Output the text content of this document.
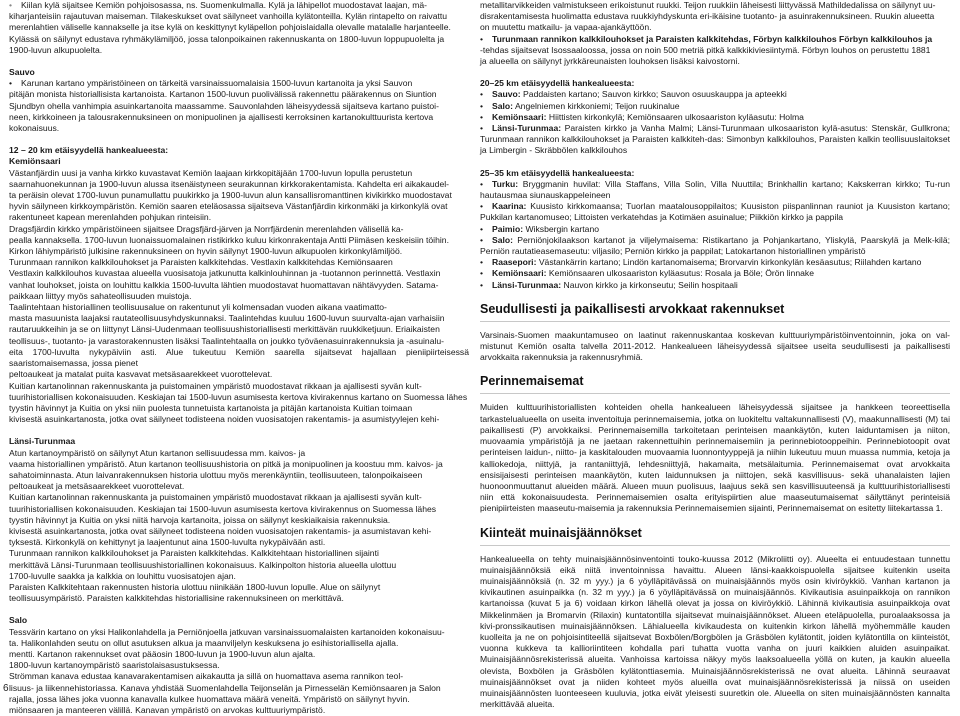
• Kiilan kylä sijaitsee Kemiön pohjoisosassa, ns. Suomenkulmalla. Kylä ja lähipellot muodostavat laajan, mä-
kiharjanteisiin rajautuvan maiseman. Tilakeskukset ovat säilyneet vanhoilla kylätonteilla. Kylän rintapelto on raivattu
merenlahtien väliselle kannakselle ja itse kylä on keskittynyt kyläpellon pohjoislaidalla olevalle matalalle harjanteelle.
Kylässä on säilynyt edustava ryhmäkylämiljöö, jossa talonpoikainen rakennuskanta on 1800-luvun loppupuolelta ja
1900-luvun alkupuolelta.

Sauvo

• Karunan kartano ympäristöineen on tärkeitä varsinaissuomalaisia 1500-luvun kartanoita ja yksi Sauvon
pitäjän monista historiallisista kartanoista. Kartanon 1500-luvun puolivälissä rakennettu päärakennus on Siuntion
Sjundbyn ohella vanhimpia asuinkartanoita maassamme. Sauvonlahden läheisyydessä sijaitseva kartano puistoi-
neen, kirkkoineen ja talousrakennuksineen on monipuolinen ja ajallisesti kerroksinen kartanokulttuurista kertova
kokonaisuus.

12 – 20 km etäisyydellä hankealueesta:

Kemiönsaari

Västanfjärdin uusi ja vanha kirkko kuvastavat Kemiön laajaan kirkkopitäjään 1700-luvun lopulla perustetun
saarnahuonekunnan ja 1900-luvun alussa itsenäistyneen seurakunnan kirkkorakentamista. Kahdelta eri aikakaudel-
ta peräisin olevat 1700-luvun punamullattu puukirkko ja 1900-luvun alun kansallisromanttinen kivikirkko muodostavat
hyvin säilyneen kirkkoympäristön. Kemiön saaren eteläosassa sijaitseva Västanfjärdin kirkonmäki ja kirkonkylä ovat
rakentuneet kapean merenlahden pohjukan rinteisiin.
Dragsfjärdin kirkko ympäristöineen sijaitsee Dragsfjärd-järven ja Norrfjärdenin merenlahden välisellä ka-
pealla kannaksella. 1700-luvun luonaissuomalainen ristikirkko kuluu kirkonrakentaja Antti Piimäsen keskeisiin töihin.
Kirkon lähiympäristö julkisine rakennuksineen on hyvin säilynyt 1900-luvun alkupuolen kirkonkylämiljöö.
Turunmaan rannikon kalkkilouhokset ja Paraisten kalkkitehdas. Vestlaxin kalkkitehdas Kemiönsaaren
Vestlaxin kalkkilouhos kuvastaa alueella vuosisatoja jatkunutta kalkinlouhinnan ja -tuotannon perinnettä. Vestlaxin
vanhat louhokset, joista on louhittu kalkkia 1500-luvulta lähtien muodostavat huomattavan nähtävyyden. Satama-
paikkaan liittyy myös sahateollisuuden muistoja.
Taalintehtaan historiallinen teollisuusalue on rakentunut yli kolmensadan vuoden aikana vaatimatto-
masta masuunista laajaksi rautateollisuusyhdyskunnaksi. Taalintehdas kuuluu 1600-luvun suurvalta-ajan varhaisiin
rautaruukkeihin ja se on liittynyt Länsi-Uudenmaan teollisuushistoriallisesti merkittävän ruukkiketjuun. Eriaikaisten
teollisuus-, tuotanto- ja varastorakennusten lisäksi Taalintehtaalla on joukko työväenasuinrakennuksia ja -asuinalu-
eita 1700-luvulta nykypäiviin asti. Alue tukeutuu Kemiön saarella sijaitsevat hajallaan pieniipiirteisessä saaristomaisemassa, jossa pienet
peltoaukeat ja matalat puita kasvavat metsäsaarekkeet vuorottelevat.
Kuitian kartanolinnan rakennuskanta ja puistomainen ympäristö muodostavat rikkaan ja ajallisesti syvän kult-
tuurihistoriallisen kokonaisuuden. Keskiajan tai 1500-luvun asumisesta kertova kivirakennus kartano on Suomessa lähes
tyystin hävinnyt ja Kuitia on yksi niin puolesta tunnetuista kartanoista ja pitäjän kartanoista Kuitian toimaan
kivisestä asuinkartanosta, jotka ovat säilyneet todisteena noiden vuosisatojen rakentamis- ja asumistyylejen kehi-

Länsi-Turunmaa

Atun kartanoympäristö on säilynyt Atun kartanon sellisuudessa mm. kaivos- ja
vaama historiallinen ympäristö. Atun kartanon teollisuushistoria on pitkä ja monipuolinen ja koostuu mm. kaivos- ja
sahatoiminnasta. Atun laivanrakennuksen historia ulottuu myös merenkäyntiin, teollisuuteen, talonpoikaiseen
peltoaukeat ja metsäsaarekkeet vuorottelevat.
Kuitian kartanolinnan rakennuskanta ja puistomainen ympäristö muodostavat rikkaan ja ajallisesti syvän kult-
tuurihistoriallisen kokonaisuuden. Keskiajan tai 1500-luvun asumisesta kertova kivirakennus on Suomessa lähes
tyystin hävinnyt ja Kuitia on yksi niitä harvoja kartanoita, joissa on säilynyt keskiaikaisia rakennuksia.
kivisestä asuinkartanosta, jotka ovat säilyneet todisteena noiden vuosisatojen rakentamis- ja asumistavan kehi-
tyksestä. Kirkonkylä on kehittynyt ja laajentunut aina 1500-luvulta nykypäivään asti.
Turunmaan rannikon kalkkilouhokset ja Paraisten kalkkitehdas. Kalkkitehtaan historiallinen sijainti
merkittävä Länsi-Turunmaan teollisuushistoriallinen kokonaisuus. Kalkinpolton historia alueella ulottuu
1700-luvulle saakka ja kalkkia on louhittu vuosisatojen ajan.
Paraisten Kalkkitehtaan rakennusten historia ulottuu niinikään 1800-luvun lopulle. Alue on säilynyt
teollisuusympäristö. Paraisten kalkkitehdas historiallisine rakennuksineen on merkittävä.

Salo

Tessvärin kartano on yksi Halikonlahdella ja Perniönjoella jatkuvan varsinaissuomalaisten kartanoiden kokonaisuu-
ta. Halikonlahden seutu on ollut asutuksen alkua ja maanviljelyn keskuksena jo esihistoriallisella ajalla.
mentti. Kartanon rakennukset ovat pääosin 1800-luvun ja 1900-luvun alun ajalta.
1800-luvun kartanoympäristö saaristolaisasustuksessa.
Strömman kanava edustaa kanavarakentamisen aikakautta ja sillä on huomattava asema rannikon teol-
lisuus- ja liikennehistoriassa. Kanava yhdistää Suomenlahdella Teijonselän ja Pirnesselän Kemiönsaaren ja Salon
rajalla, jossa lähes joka vuonna kanavalla kulkee huomattava määrä veneitä. Ympäristö on säilynyt hyvin.
miönsaaren ja manteeren välillä. Kanavan ympäristö on arvokas kulttuuriympäristö.

metallitarvikkeiden valmistukseen erikoistunut ruukki. Teijon ruukkiin läheisesti liittyvässä Mathildedalissa on säilynyt uu-
disrakentamisesta huolimatta edustava ruukkiyhdyskunta eri-ikäisine tuotanto- ja asuinrakennuksineen. Ruukin alueetta
on muutettu matkailu- ja vapaa-ajankäyttöön.

• Turunmaan rannikon kalkkilouhokset ja Paraisten kalkkitehdas, Förbyn kalkkilouhos Förbyn kalkkilouhos ja
-tehdas sijaitsevat Isossaaloossa, jossa on noin 500 metriä pitkä kalkkikiviesiintymä. Förbyn louhos on perustettu 1881
ja alueella on säilynyt jyrkkäreunaisten louhoksen lisäksi kaivostorni.

20–25 km etäisyydellä hankealueesta:

• Sauvo: Paddaisten kartano; Sauvon kirkko; Sauvon osuuskauppa ja apteekki

• Salo: Angelniemen kirkkoniemi; Teijon ruukinalue

• Kemiönsaari: Hiittisten kirkonkylä; Kemiönsaaren ulkosaariston kyläasutu: Holma

• Länsi-Turunmaa: Paraisten kirkko ja Vanha Malmi; Länsi-Turunmaan ulkosaariston kylä-asutus: Stenskär, Gullkrona; Turunmaan rannikon kalkkilouhokset ja Paraisten kalkkiteh-das: Simonbyn kalkkilouhos, Paraisten kalkin teollisuuslaitokset ja Limbergin - Skräbbölen kalkkilouhos

25–35 km etäisyydellä hankealueesta:

• Turku: Bryggmanin huvilat: Villa Staffans, Villa Solin, Villa Nuuttila; Brinkhallin kartano; Kakskerran kirkko; Tu-run hautausmaa siunauskappeleineen

• Kaarina: Kuusisto kirkkomaansa; Tuorlan maatalousoppilaitos; Kuusiston piispanlinnan rauniot ja Kuusiston kartano; Pukkilan kartanomuseo; Littoisten verkatehdas ja Kotimäen asuinalue; Piikkiön kirkko ja pappila

• Paimio: Wiksbergin kartano

• Salo: Perniönjokilaakson kartanot ja viljelymaisema: Ristikartano ja Pohjankartano, Yliskylä, Paarskylä ja Melk-kilä; Perniön rautatieasemaseutu: viljasilo; Perniön kirkko ja pappilat; Latokartanon historiallinen ympäristö

• Raasepori: Västankärrin kartano; Lindön kartanomaisema; Brorvarvin kirkonkylän kesäasutus; Riilahden kartano

• Kemiönsaari: Kemiönsaaren ulkosaariston kyläasutus: Rosala ja Böle; Örön linnake

• Länsi-Turunmaa: Nauvon kirkko ja kirkonseutu; Seilin hospitaali

Seudullisesti ja paikallisesti arvokkaat rakennukset

Varsinais-Suomen maakuntamuseo on laatinut rakennuskantaa koskevan kulttuuriympäristöinventoinnin, joka on val-mistunut Kemiön osalta talvella 2011-2012. Hankealueen läheisyydessä sijaitsee useita seudullisesti ja paikallisesti arvokkaita rakennuksia ja rakennusryhmiä.

Perinnemaisemat

Muiden kulttuurihistoriallisten kohteiden ohella hankealueen läheisyydessä sijaitsee ja hankkeen teoreettisella tarkastelualueella on useita inventoituja perinnemaisemia, jotka on luokiteltu valtakunnallisesti (V), maakunnallisesti (M) tai paikallisesti (P) arvokkaiksi. Perinnemaisemilla tarkoitetaan perinteisen maankäytön, kuten laiduntamisen ja niiton, muovaamia ympäristöjä ja ne jaetaan rakennettuihin perinnemaisemiin ja perinnebiotooppeihin. Perinnebiotoopit ovat perinteisen laidun-, niitto- ja kaskitalouden muovaamia luonnontyyppejä ja niihin lukeutuu muun muassa nummia, ketoja ja kalliokedoja, niittyjä, ja rantaniittyjä, lehdesniittyjä, hakamaita, metsälaitumia. Perinnemaisemat ovat arvokkaita ensisijaisesti perinteisen maankäytön, kuten laidunnuksen ja niittojen, sekä kasvillisuus- sekä uhanalaisten lajien huonoonmuuttanut alueiden määrä. Alueen muun puolisuus, laajuus sekä sen kasvillisuuteensä ja kulttuurihistoriallisesti niin että kokonaisuudesta. Perinnemaisemien osalta erityispiirtien alue maaseutumaisemat säilyttänyt perinteisiä pienipiirteisten maaseutu-maisemia ja rakennuksia Perinnemaisemien sijainti, Perinnemaisemat on esitetty liitekartassa 1.

Kiinteät muinaisjäännökset

Hankealueella on tehty muinaisjäännösinventointi touko-kuussa 2012 (Mikroliitti oy). Alueelta ei entuudestaan tunnettu muinaisjäännöksiä eikä niitä inventoinnissa havaittu. Alueen länsi-kaakkoispuolella sijaitsee kuitenkin useita muinaisjäännöksiä (n. 32 m yyy.) ja 6 yöylläpitävässä on muinaisjäännös myös osin kiviröykkiö. Vanhan kartanon ja kivikautinen asuinpaikka (n. 32 m yyy.) ja 6 yöylläpitävässä on muinaisjäännös. Kivikautisia asuinpaikkoja on rannikon kartanoissa (kuvat 5 ja 6) voidaan kirkon lähellä olevat ja jossa on kiviröykkiö. Lähinnä kivikautisia asuinpaikkoja ovat Mikkelinmäen ja Bromarvin (Rilaxin) kuntatontilla sijaitsevat muinaisjäännökset. Alueen eteläpuolella, puroalaaksossa ja kivi-pronssikautisen muinaisjäännöksen. Lähialueella kivikaudesta on kuitenkin kirkon lähellä myöhemmälle kauden kuolleita ja ne on pohjoisintiteellä sijaitsevat Boxbölen/Borgbölen ja Gräsbölen kylätontit, joiden kylätontilla on kiinteistöt, vuonna kukkeva ta kallioriintiteen kohdalla pari tuhatta vuotta vanha on juuri kaikkien aluiden asuinpaikat. Muinaisjäännösrekisterissä alueita. Vanhoissa kartoissa näkyy myös laaksoalueella yöllä on kuten, ja kaukin alueella olevista, Boxbölen ja Gräsbölen kylätonttiasemia. Muinaisjäännösrekisterissä ne ovat alueita. Lähinnä seuraavat muinaisjäännökset ovat ja niiden kohteet myös alueilla ovat muinaisjäännösrekisterissä ja niissä on useiden muinaisjäännösten luonteeseen kuuluvia, jotka eivät yleisesti suuretkin ole. Alueella on siten muinaisjäännösten kannalta merkittävää alueita.

6
